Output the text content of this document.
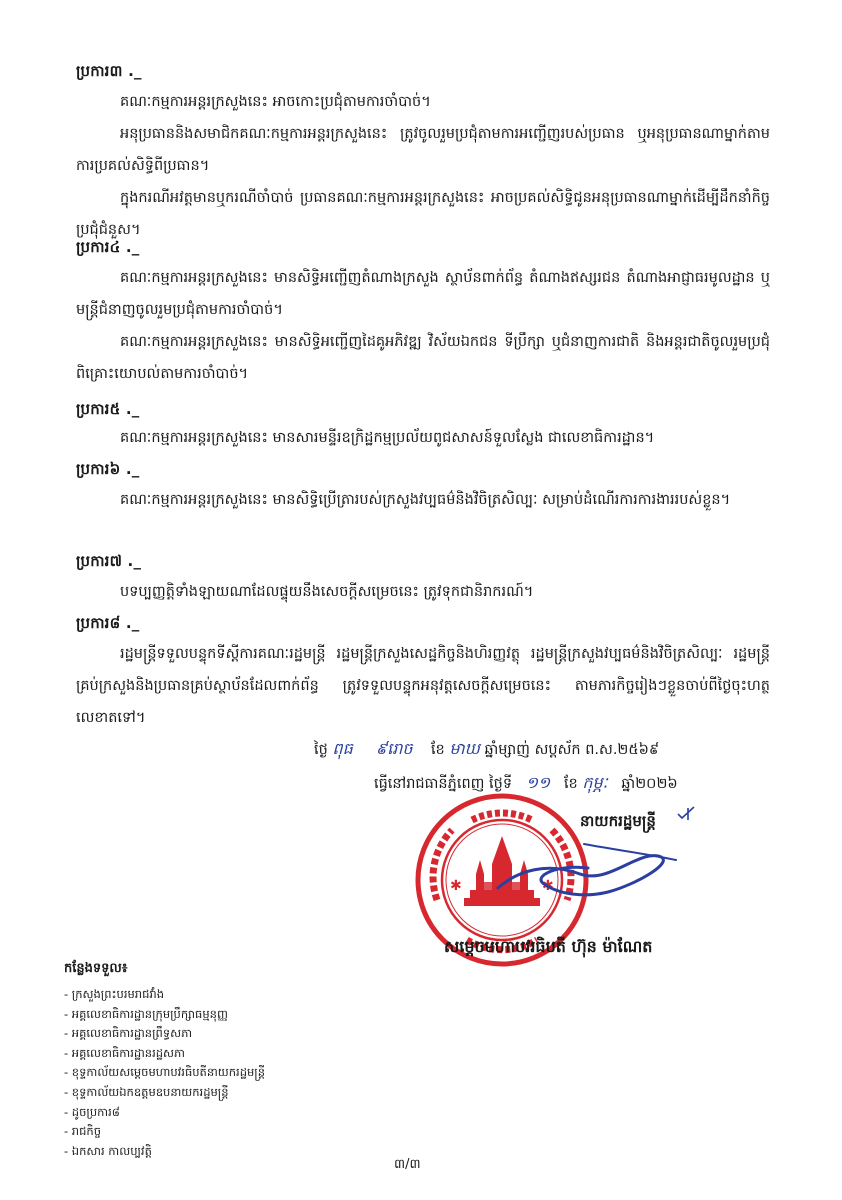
ប្រការ៣ ._
គណៈកម្មការអន្តរក្រសួងនេះ អាចកោះប្រជុំតាមការចាំបាច់។
អនុប្រធាននិងសមាជិកគណៈកម្មការអន្តរក្រសួងនេះ ត្រូវចូលរួមប្រជុំតាមការអញ្ជើញរបស់ប្រធាន ឬអនុប្រធានណាម្នាក់តាមការប្រគល់សិទ្ធិពីប្រធាន។
ក្នុងករណីអវត្តមានឬករណីចាំបាច់ ប្រធានគណៈកម្មការអន្តរក្រសួងនេះ អាចប្រគល់សិទ្ធិជូនអនុប្រធានណាម្នាក់ដើម្បីដឹកនាំកិច្ចប្រជុំជំនួស។
ប្រការ៤ ._
គណៈកម្មការអន្តរក្រសួងនេះ មានសិទ្ធិអញ្ជើញតំណាងក្រសួង ស្ថាប័នពាក់ព័ន្ធ តំណាងឥស្សរជន តំណាងអាជ្ញាធរមូលដ្ឋាន ឬមន្ត្រីជំនាញចូលរួមប្រជុំតាមការចាំបាច់។
គណៈកម្មការអន្តរក្រសួងនេះ មានសិទ្ធិអញ្ជើញដៃគូអភិវឌ្ឍ វិស័យឯកជន ទីប្រឹក្សា ឬជំនាញការជាតិ និងអន្តរជាតិចូលរួមប្រជុំពិគ្រោះយោបល់តាមការចាំបាច់។
ប្រការ៥ ._
គណៈកម្មការអន្តរក្រសួងនេះ មានសារមន្ទីរឧក្រិដ្ឋកម្មប្រល័យពូជសាសន៍ទួលស្លែង ជាលេខាធិការដ្ឋាន។
ប្រការ៦ ._
គណៈកម្មការអន្តរក្រសួងនេះ មានសិទ្ធិប្រើត្រារបស់ក្រសួងវប្បធម៌និងវិចិត្រសិល្បៈ សម្រាប់ដំណើរការការងាររបស់ខ្លួន។
ប្រការ៧ ._
បទប្បញ្ញត្តិទាំងឡាយណាដែលផ្ទុយនឹងសេចក្តីសម្រេចនេះ ត្រូវទុកជានិរាករណ៍។
ប្រការ៨ ._
រដ្ឋមន្ត្រីទទួលបន្ទុកទីស្តីការគណៈរដ្ឋមន្ត្រី រដ្ឋមន្ត្រីក្រសួងសេដ្ឋកិច្ចនិងហិរញ្ញវត្ថុ រដ្ឋមន្ត្រីក្រសួងវប្បធម៌និងវិចិត្រសិល្បៈ រដ្ឋមន្ត្រីគ្រប់ក្រសួងនិងប្រធានគ្រប់ស្ថាប័នដែលពាក់ព័ន្ធ ត្រូវទទួលបន្ទុកអនុវត្តសេចក្តីសម្រេចនេះ តាមភារកិច្ចរៀងៗខ្លួនចាប់ពីថ្ងៃចុះហត្ថលេខាតទៅ។
ថ្ងៃ ពុធ ៩រោច ខែ មាឃ ឆ្នាំម្សាញ់ សប្តស័ក ព.ស.២៥៦៩
ធ្វើនៅរាជធានីភ្នំពេញ ថ្ងៃទី ១១ ខែ កុម្ភៈ ឆ្នាំ២០២៦
✱	✱
នាយករដ្ឋមន្ត្រី
សម្តេចមហាបវរធិបតី ហ៊ុន ម៉ាណែត
កន្លែងទទួល៖
- ក្រសួងព្រះបរមរាជវាំង
- អគ្គលេខាធិការដ្ឋានក្រុមប្រឹក្សាធម្មនុញ្ញ
- អគ្គលេខាធិការដ្ឋានព្រឹទ្ធសភា
- អគ្គលេខាធិការដ្ឋានរដ្ឋសភា
- ខុទ្ទកាល័យសម្តេចមហាបវរធិបតីនាយករដ្ឋមន្ត្រី
- ខុទ្ទកាល័យឯកឧត្តមឧបនាយករដ្ឋមន្ត្រី
- ដូចប្រការ៨
- រាជកិច្ច
- ឯកសារ កាលប្បវត្តិ
៣/៣
